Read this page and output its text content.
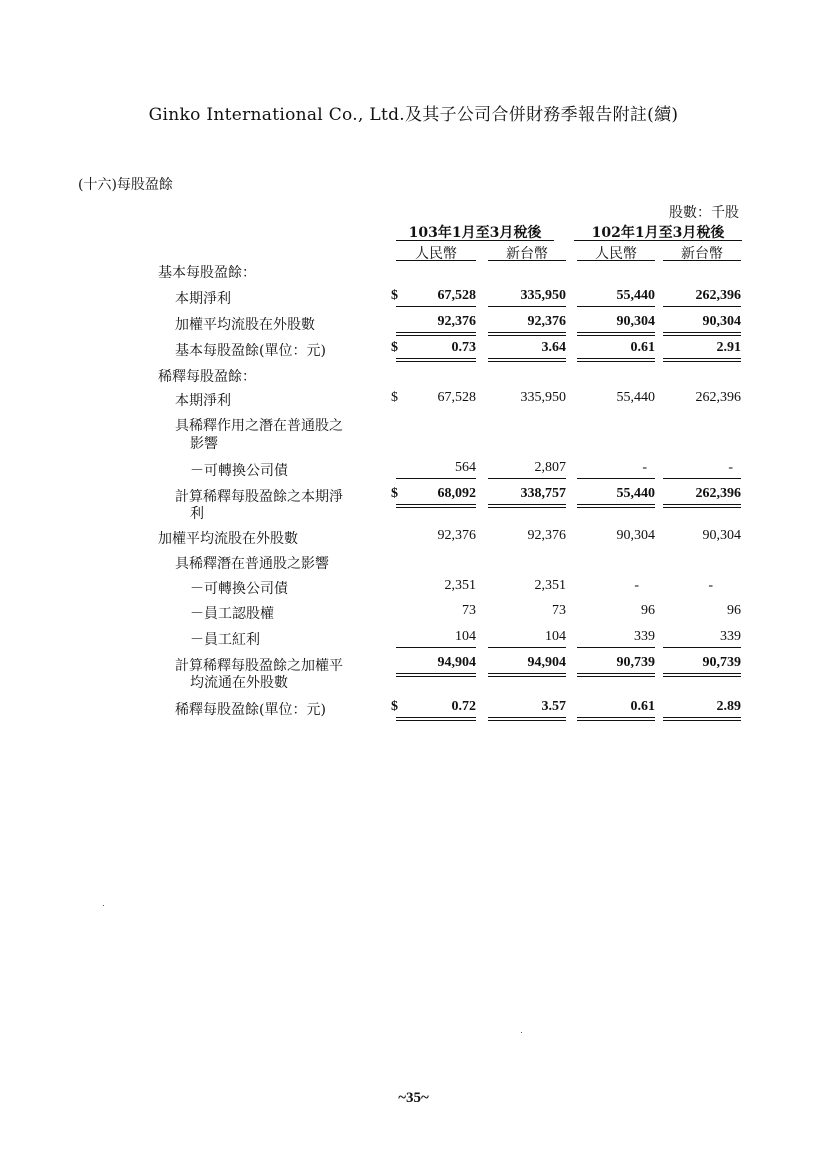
Ginko International Co., Ltd.及其子公司合併財務季報告附註(續)
(十六)每股盈餘
股數：千股
103年1月至3月稅後	102年1月至3月稅後
人民幣	新台幣	人民幣	新台幣
基本每股盈餘：
本期淨利	$	67,528	335,950	55,440	262,396
加權平均流股在外股數	92,376	92,376	90,304	90,304
基本每股盈餘(單位：元)	$	0.73	3.64	0.61	2.91
稀釋每股盈餘：
本期淨利	$	67,528	335,950	55,440	262,396
具稀釋作用之潛在普通股之
影響
－可轉換公司債	564	2,807	-	-
計算稀釋每股盈餘之本期淨
利
$	68,092	338,757	55,440	262,396
加權平均流股在外股數	92,376	92,376	90,304	90,304
具稀釋潛在普通股之影響
－可轉換公司債	2,351	2,351	-	-
－員工認股權	73	73	96	96
－員工紅利	104	104	339	339
計算稀釋每股盈餘之加權平
均流通在外股數
94,904	94,904	90,739	90,739
稀釋每股盈餘(單位：元)	$	0.72	3.57	0.61	2.89
~35~
